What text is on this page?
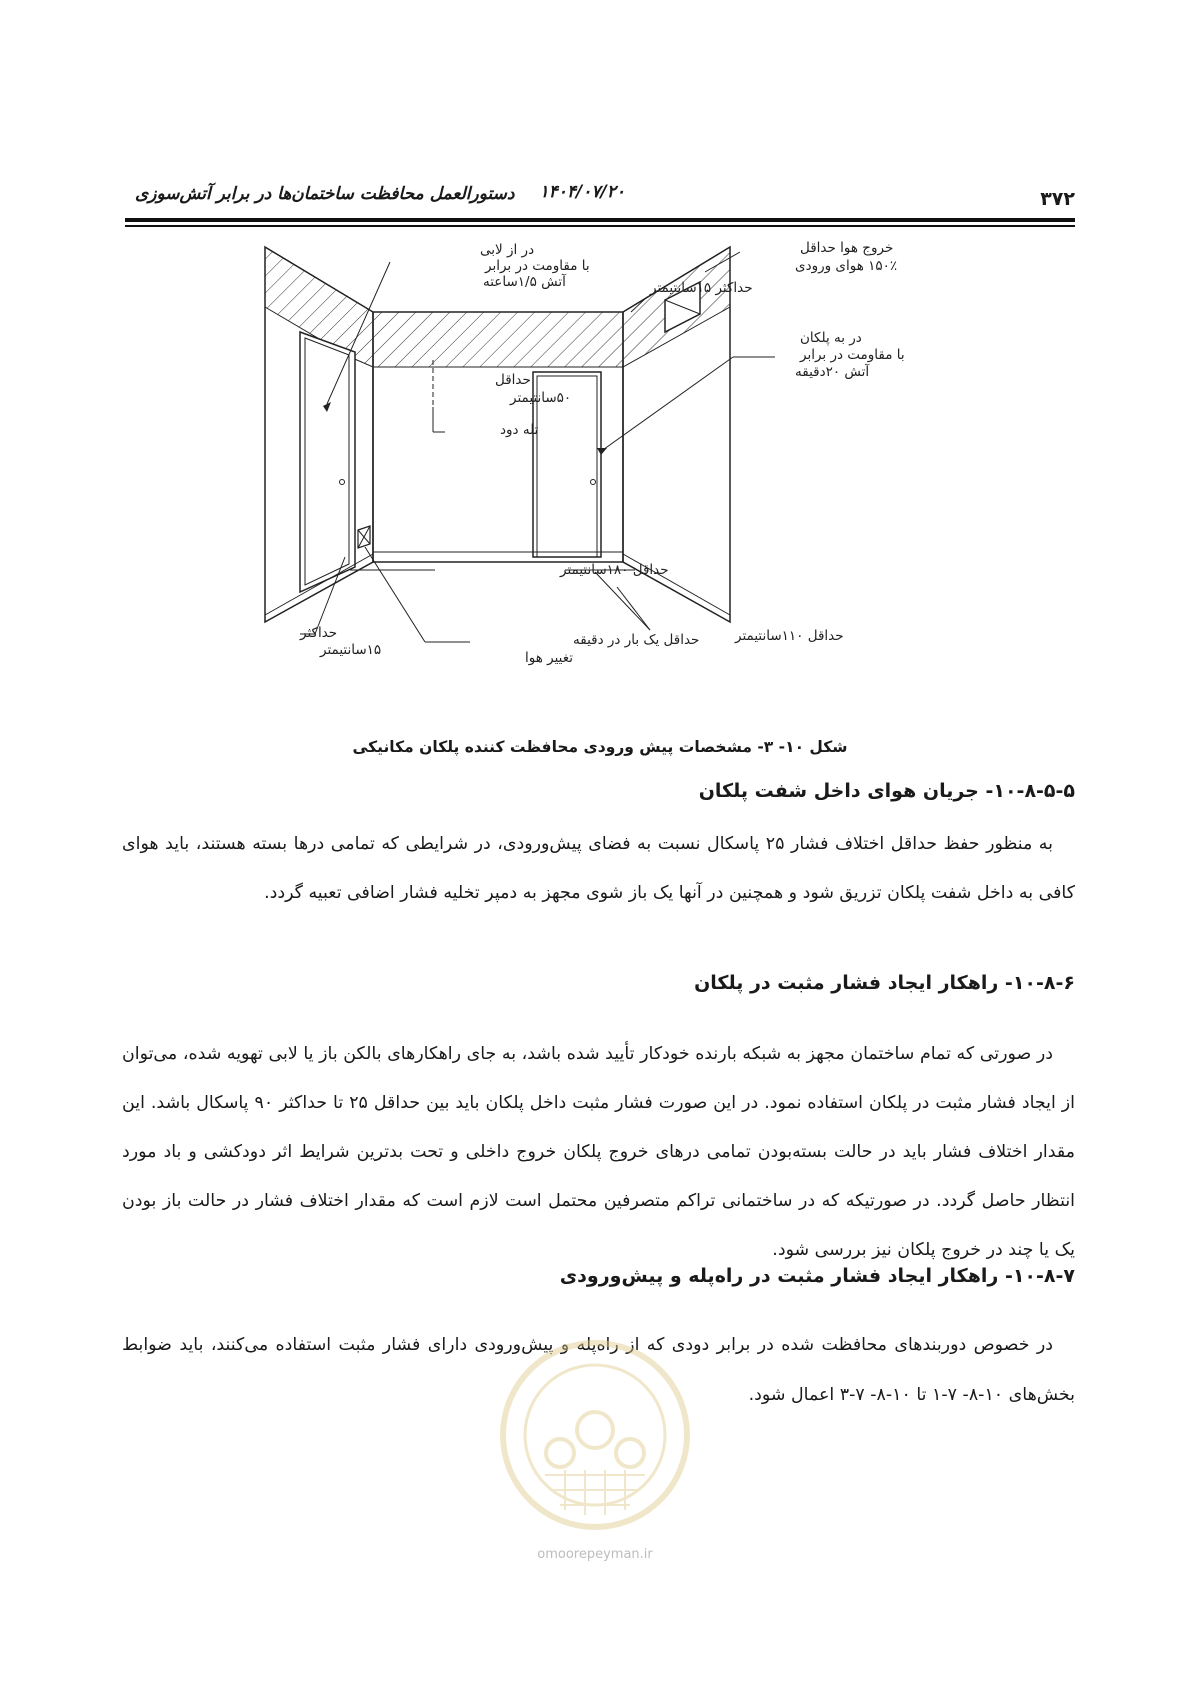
۳۷۲
۱۴۰۴/۰۷/۲۰
دستورالعمل محافظت ساختمان‌ها در برابر آتش‌سوزی
در از لابی
با مقاومت در برابر
آتش ۱/۵ساعته	حداکثر ۱۵سانتیمتر
خروج هوا حداقل
۱۵۰٪ هوای ورودی
در به پلکان
با مقاومت در برابر
آتش ۲۰دقیقه
حداقل
۵۰سانتیمتر
تله دود
حداقل ۱۸۰سانتیمتر
حداکثر
۱۵سانتیمتر
حداقل یک بار در دقیقه
تغییر هوا
حداقل ۱۱۰سانتیمتر
شکل ۱۰- ۳- مشخصات پیش ورودی محافظت کننده پلکان مکانیکی
۱۰-۸-۵-۵- جریان هوای داخل شفت پلکان

به منظور حفظ حداقل اختلاف فشار ۲۵ پاسکال نسبت به فضای پیش‌ورودی، در شرایطی که تمامی درها بسته هستند، باید هوای کافی به داخل شفت پلکان تزریق شود و همچنین در آنها یک باز شوی مجهز به دمپر تخلیه فشار اضافی تعبیه گردد.

۱۰-۸-۶- راهکار ایجاد فشار مثبت در پلکان

در صورتی که تمام ساختمان مجهز به شبکه بارنده خودکار تأیید شده باشد، به جای راهکارهای بالکن باز یا لابی تهویه شده، می‌توان از ایجاد فشار مثبت در پلکان استفاده نمود. در این صورت فشار مثبت داخل پلکان باید بین حداقل ۲۵ تا حداکثر ۹۰ پاسکال باشد. این مقدار اختلاف فشار باید در حالت بسته‌بودن تمامی درهای خروج پلکان خروج داخلی و تحت بدترین شرایط اثر دودکشی و باد مورد انتظار حاصل گردد. در صورتیکه که در ساختمانی تراکم متصرفین محتمل است لازم است که مقدار اختلاف فشار در حالت باز بودن یک یا چند در خروج پلکان نیز بررسی شود.

۱۰-۸-۷- راهکار ایجاد فشار مثبت در راه‌پله و پیش‌ورودی

در خصوص دوربندهای محافظت شده در برابر دودی که از راه‌پله و پیش‌ورودی دارای فشار مثبت استفاده می‌کنند، باید ضوابط بخش‌های ۱۰-۸- ۷-۱ تا ۱۰-۸- ۷-۳ اعمال شود.

omoorepeyman.ir
